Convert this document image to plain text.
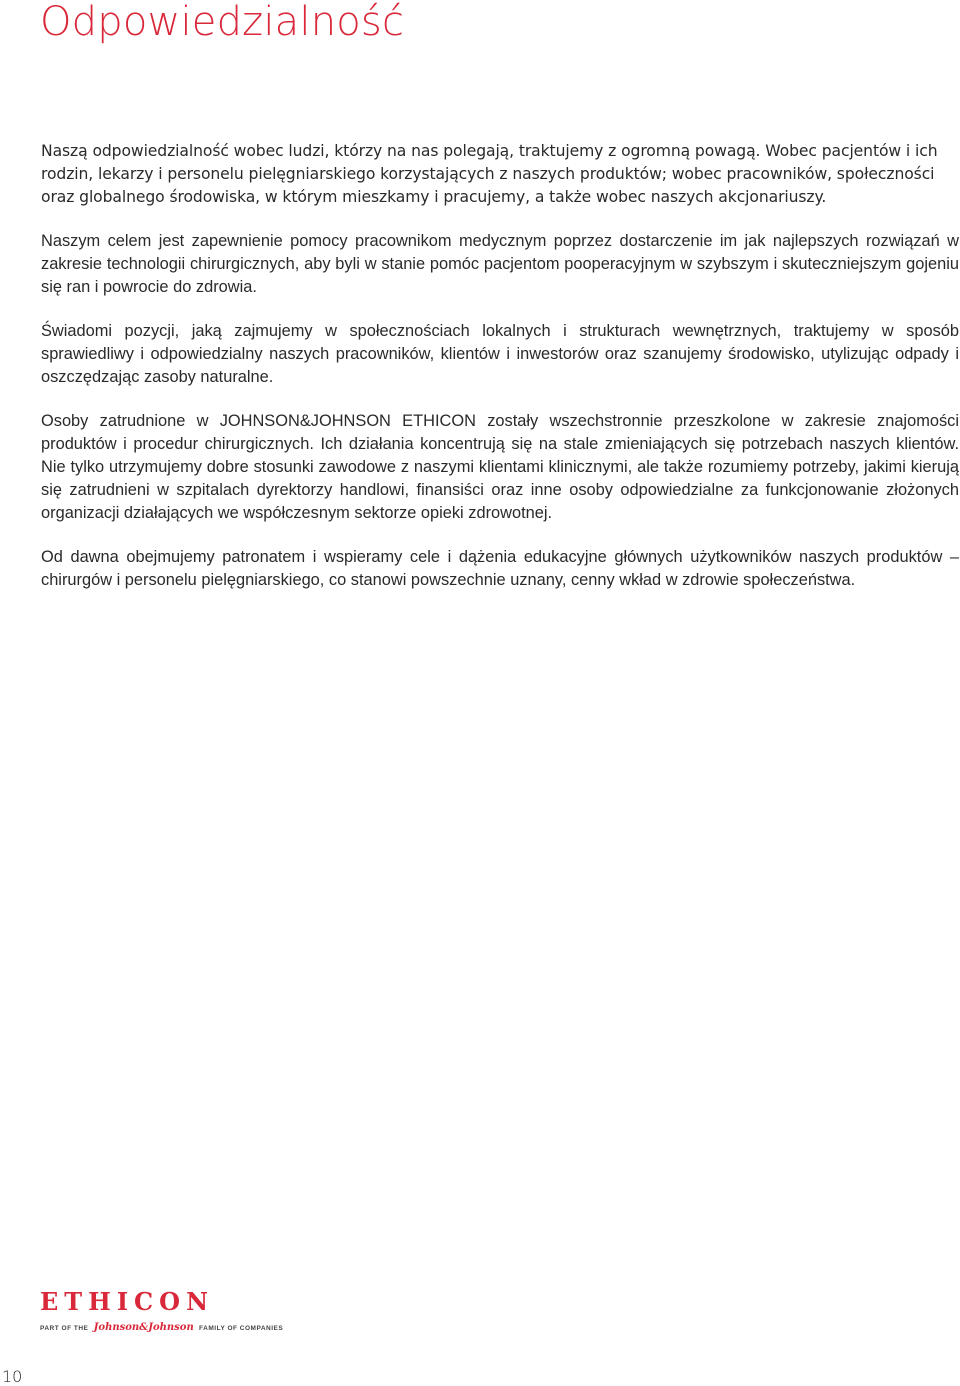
Odpowiedzialność

Naszą odpowiedzialność wobec ludzi, którzy na nas polegają, traktujemy z ogromną powagą. Wobec pacjentów i ich rodzin, lekarzy i personelu pielęgniarskiego korzystających z naszych produktów; wobec pracowników, społeczności oraz globalnego środowiska, w którym mieszkamy i pracujemy, a także wobec naszych akcjonariuszy.

Naszym celem jest zapewnienie pomocy pracownikom medycznym poprzez dostarczenie im jak najlepszych rozwiązań w zakresie technologii chirurgicznych, aby byli w stanie pomóc pacjentom pooperacyjnym w szybszym i skuteczniejszym gojeniu się ran i powrocie do zdrowia.

Świadomi pozycji, jaką zajmujemy w społecznościach lokalnych i strukturach wewnętrznych, traktujemy w sposób sprawiedliwy i odpowiedzialny naszych pracowników, klientów i inwestorów oraz szanujemy środowisko, utylizując odpady i oszczędzając zasoby naturalne.

Osoby zatrudnione w JOHNSON&JOHNSON ETHICON zostały wszechstronnie przeszkolone w zakresie znajomości produktów i procedur chirurgicznych. Ich działania koncentrują się na stale zmieniających się potrzebach naszych klientów. Nie tylko utrzymujemy dobre stosunki zawodowe z naszymi klientami klinicznymi, ale także rozumiemy potrzeby, jakimi kierują się zatrudnieni w szpitalach dyrektorzy handlowi, finansiści oraz inne osoby odpowiedzialne za funkcjonowanie złożonych organizacji działających we współczesnym sektorze opieki zdrowotnej.

Od dawna obejmujemy patronatem i wspieramy cele i dążenia edukacyjne głównych użytkowników naszych produktów – chirurgów i personelu pielęgniarskiego, co stanowi powszechnie uznany, cenny wkład w zdrowie społeczeństwa.

ETHICON
PART OF THE Johnson&Johnson FAMILY OF COMPANIES
10
